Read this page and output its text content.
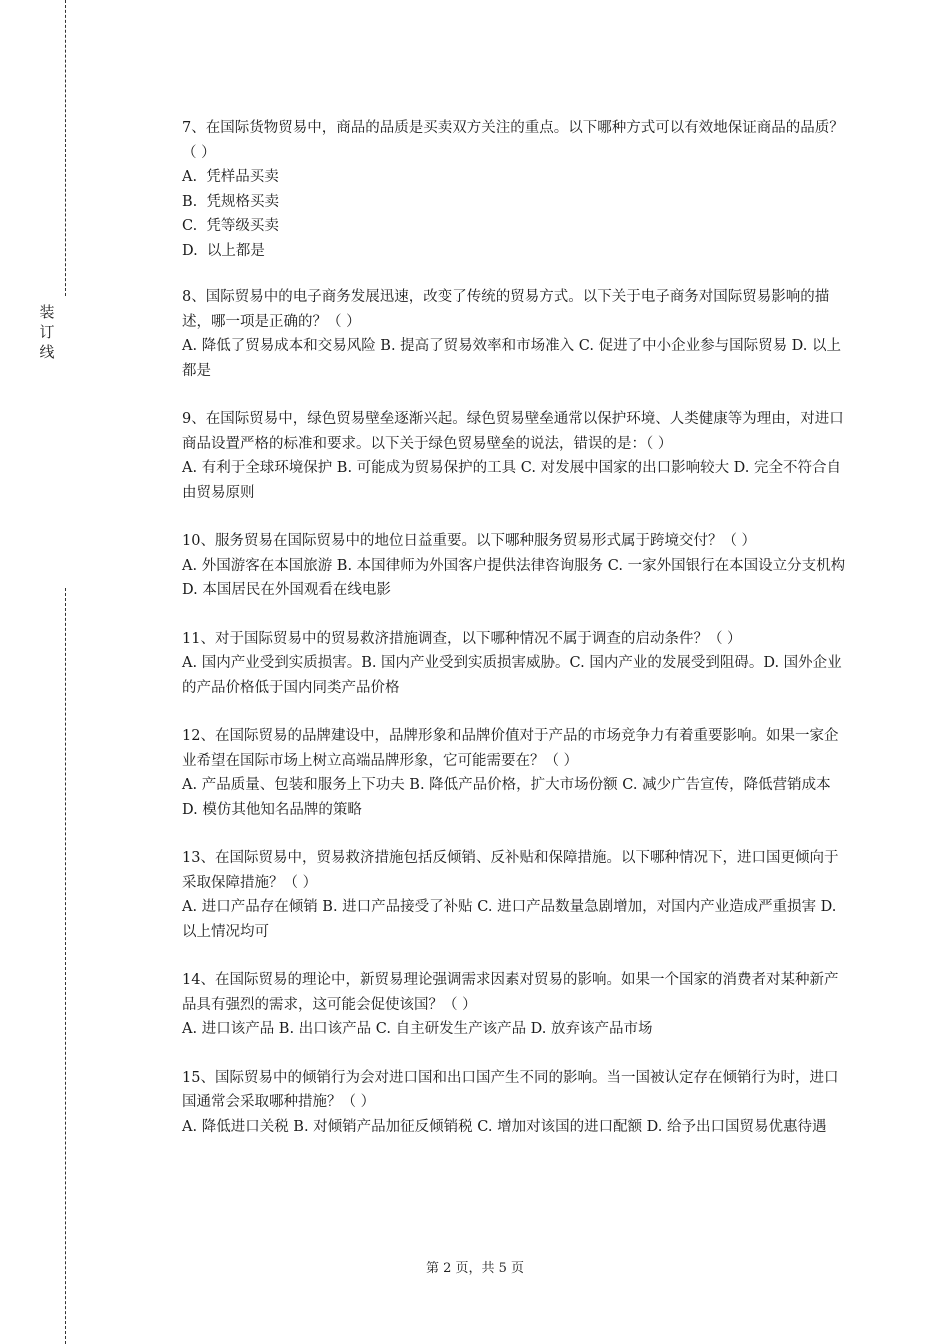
装
订
线

7、在国际货物贸易中，商品的品质是买卖双方关注的重点。以下哪种方式可以有效地保证商品的品质？（ ）

A.  凭样品买卖

B.  凭规格买卖

C.  凭等级买卖

D.  以上都是

8、国际贸易中的电子商务发展迅速，改变了传统的贸易方式。以下关于电子商务对国际贸易影响的描述，哪一项是正确的？（ ）

A. 降低了贸易成本和交易风险 B. 提高了贸易效率和市场准入 C. 促进了中小企业参与国际贸易 D. 以上都是

9、在国际贸易中，绿色贸易壁垒逐渐兴起。绿色贸易壁垒通常以保护环境、人类健康等为理由，对进口商品设置严格的标准和要求。以下关于绿色贸易壁垒的说法，错误的是：（ ）

A. 有利于全球环境保护 B. 可能成为贸易保护的工具 C. 对发展中国家的出口影响较大 D. 完全不符合自由贸易原则

10、服务贸易在国际贸易中的地位日益重要。以下哪种服务贸易形式属于跨境交付？（ ）

A. 外国游客在本国旅游 B. 本国律师为外国客户提供法律咨询服务 C. 一家外国银行在本国设立分支机构 D. 本国居民在外国观看在线电影

11、对于国际贸易中的贸易救济措施调查，以下哪种情况不属于调查的启动条件？（ ）

A. 国内产业受到实质损害。B. 国内产业受到实质损害威胁。C. 国内产业的发展受到阻碍。D. 国外企业的产品价格低于国内同类产品价格

12、在国际贸易的品牌建设中，品牌形象和品牌价值对于产品的市场竞争力有着重要影响。如果一家企业希望在国际市场上树立高端品牌形象，它可能需要在？（ ）

A. 产品质量、包装和服务上下功夫 B. 降低产品价格，扩大市场份额 C. 减少广告宣传，降低营销成本 D. 模仿其他知名品牌的策略

13、在国际贸易中，贸易救济措施包括反倾销、反补贴和保障措施。以下哪种情况下，进口国更倾向于采取保障措施？（ ）

A. 进口产品存在倾销 B. 进口产品接受了补贴 C. 进口产品数量急剧增加，对国内产业造成严重损害 D. 以上情况均可

14、在国际贸易的理论中，新贸易理论强调需求因素对贸易的影响。如果一个国家的消费者对某种新产品具有强烈的需求，这可能会促使该国？（ ）

A. 进口该产品 B. 出口该产品 C. 自主研发生产该产品 D. 放弃该产品市场

15、国际贸易中的倾销行为会对进口国和出口国产生不同的影响。当一国被认定存在倾销行为时，进口国通常会采取哪种措施？（ ）

A. 降低进口关税 B. 对倾销产品加征反倾销税 C. 增加对该国的进口配额 D. 给予出口国贸易优惠待遇

第 2 页，共 5 页
